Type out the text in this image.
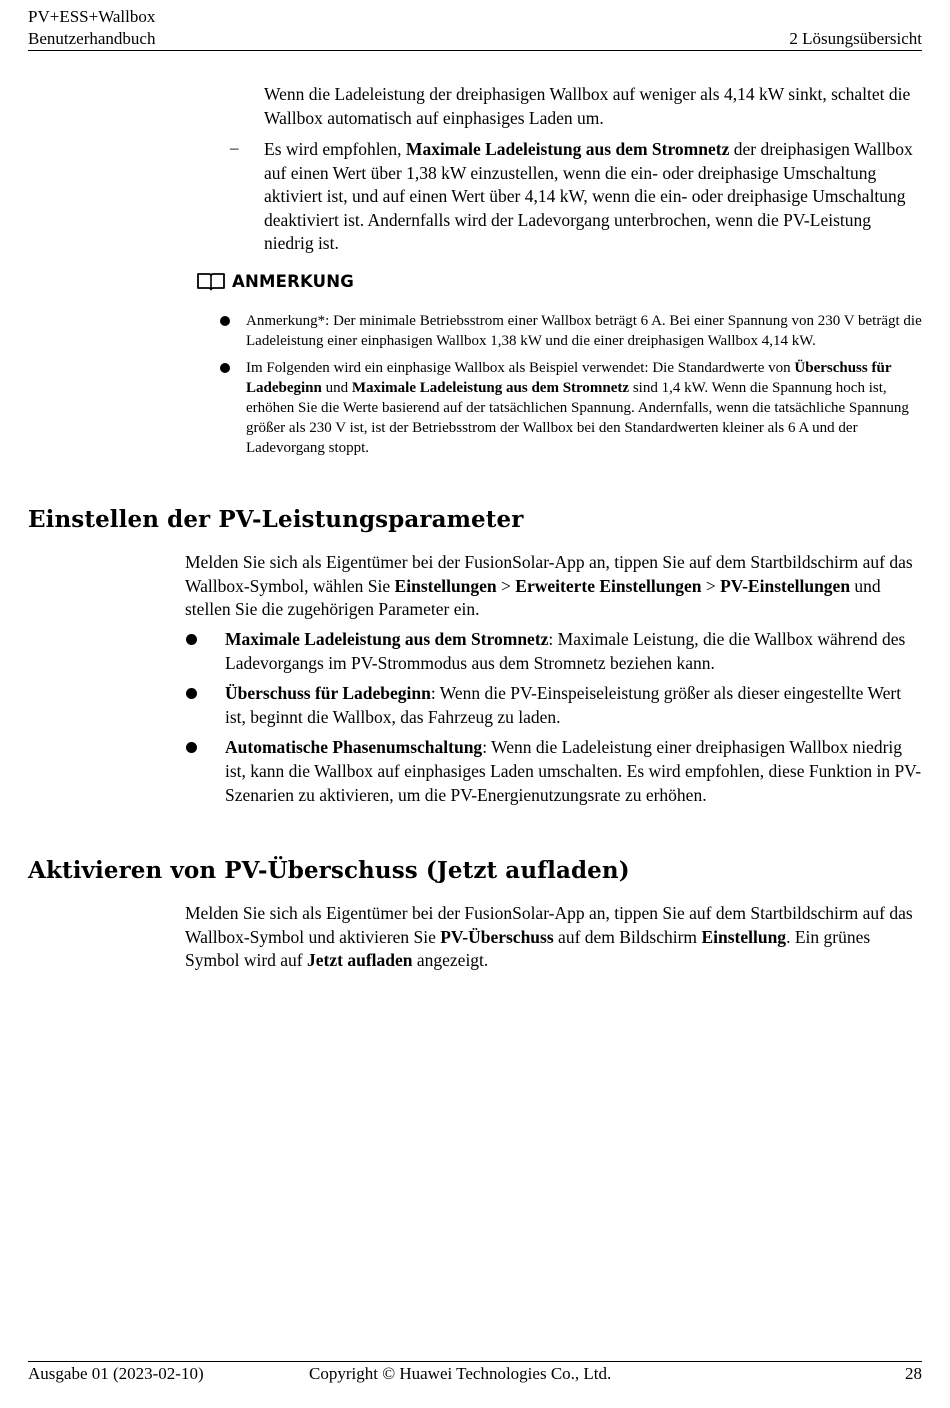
PV+ESS+Wallbox
Benutzerhandbuch	2 Lösungsübersicht

Wenn die Ladeleistung der dreiphasigen Wallbox auf weniger als 4,14 kW sinkt, schaltet die Wallbox automatisch auf einphasiges Laden um.

– Es wird empfohlen, Maximale Ladeleistung aus dem Stromnetz der dreiphasigen Wallbox auf einen Wert über 1,38 kW einzustellen, wenn die ein- oder dreiphasige Umschaltung aktiviert ist, und auf einen Wert über 4,14 kW, wenn die ein- oder dreiphasige Umschaltung deaktiviert ist. Andernfalls wird der Ladevorgang unterbrochen, wenn die PV-Leistung niedrig ist.

ANMERKUNG
Anmerkung*: Der minimale Betriebsstrom einer Wallbox beträgt 6 A. Bei einer Spannung von 230 V beträgt die Ladeleistung einer einphasigen Wallbox 1,38 kW und die einer dreiphasigen Wallbox 4,14 kW.
Im Folgenden wird ein einphasige Wallbox als Beispiel verwendet: Die Standardwerte von Überschuss für Ladebeginn und Maximale Ladeleistung aus dem Stromnetz sind 1,4 kW. Wenn die Spannung hoch ist, erhöhen Sie die Werte basierend auf der tatsächlichen Spannung. Andernfalls, wenn die tatsächliche Spannung größer als 230 V ist, ist der Betriebsstrom der Wallbox bei den Standardwerten kleiner als 6 A und der Ladevorgang stoppt.
Einstellen der PV-Leistungsparameter

Melden Sie sich als Eigentümer bei der FusionSolar-App an, tippen Sie auf dem Startbildschirm auf das Wallbox-Symbol, wählen Sie Einstellungen > Erweiterte Einstellungen > PV-Einstellungen und stellen Sie die zugehörigen Parameter ein.

Maximale Ladeleistung aus dem Stromnetz: Maximale Leistung, die die Wallbox während des Ladevorgangs im PV-Strommodus aus dem Stromnetz beziehen kann.
Überschuss für Ladebeginn: Wenn die PV-Einspeiseleistung größer als dieser eingestellte Wert ist, beginnt die Wallbox, das Fahrzeug zu laden.
Automatische Phasenumschaltung: Wenn die Ladeleistung einer dreiphasigen Wallbox niedrig ist, kann die Wallbox auf einphasiges Laden umschalten. Es wird empfohlen, diese Funktion in PV-Szenarien zu aktivieren, um die PV-Energienutzungsrate zu erhöhen.
Aktivieren von PV-Überschuss (Jetzt aufladen)

Melden Sie sich als Eigentümer bei der FusionSolar-App an, tippen Sie auf dem Startbildschirm auf das Wallbox-Symbol und aktivieren Sie PV-Überschuss auf dem Bildschirm Einstellung. Ein grünes Symbol wird auf Jetzt aufladen angezeigt.

Ausgabe 01 (2023-02-10)	Copyright © Huawei Technologies Co., Ltd.	28
